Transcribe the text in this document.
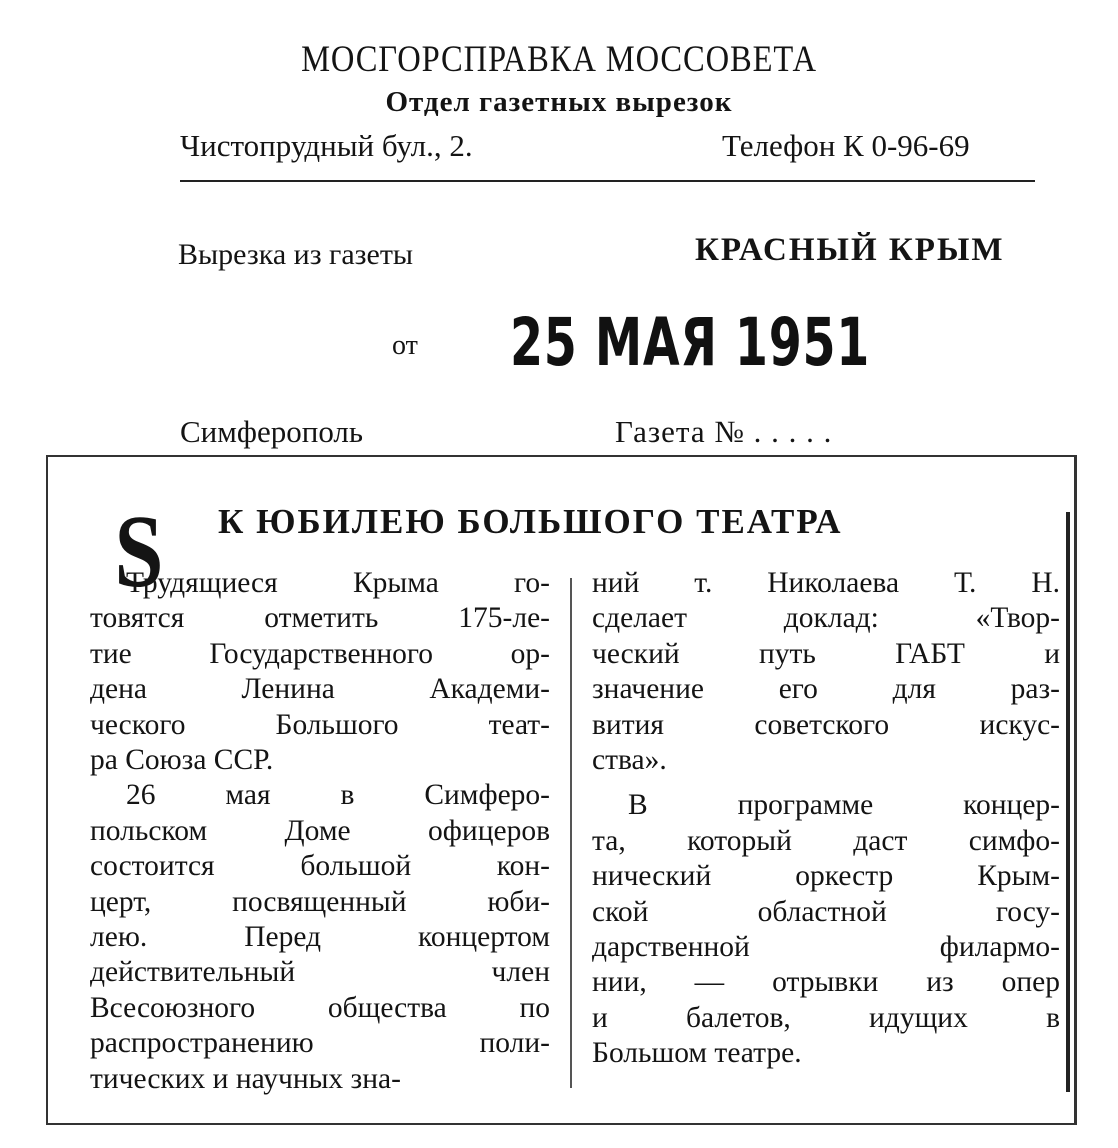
МОСГОРСПРАВКА МОССОВЕТА
Отдел газетных вырезок
Чистопрудный бул., 2.	Телефон К 0-96-69
Вырезка из газеты	КРАСНЫЙ КРЫМ
от 25 МАЯ 1951
Симферополь	Газета № . . . . .
S К ЮБИЛЕЮ БОЛЬШОГО ТЕАТРА
Трудящиеся Крыма го-
товятся отметить 175-ле-
тие Государственного ор-
дена Ленина Академи-
ческого Большого теат-
ра Союза ССР.
26 мая в Симферо-
польском Доме офицеров
состоится большой кон-
церт, посвященный юби-
лею. Перед концертом
действительный член
Всесоюзного общества по
распространению поли-
тических и научных зна-
ний т. Николаева Т. Н.
сделает доклад: «Твор-
ческий путь ГАБТ и
значение его для раз-
вития советского искус-
ства».
В программе концер-
та, который даст симфо-
нический оркестр Крым-
ской областной госу-
дарственной филармо-
нии, — отрывки из опер
и балетов, идущих в
Большом театре.
